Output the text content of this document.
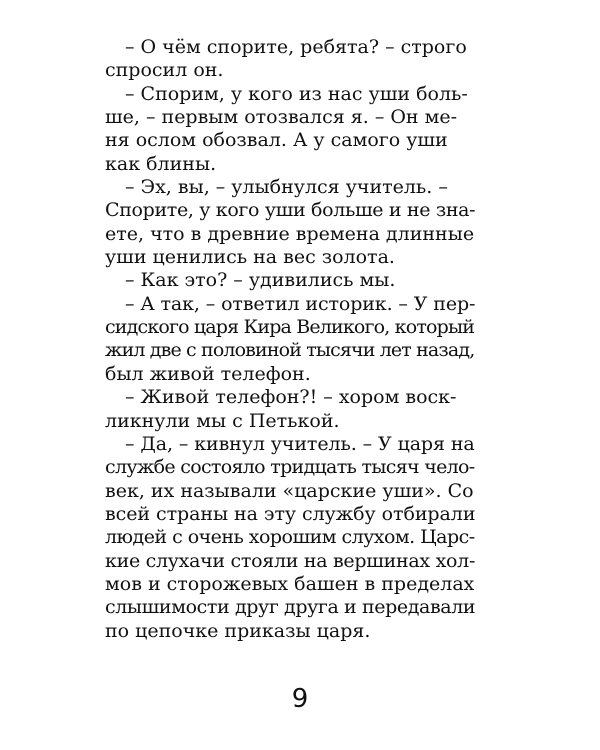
– О чём спорите, ребята? – строго
спросил он.

– Спорим, у кого из нас уши боль-
ше, – первым отозвался я. – Он ме-
ня ослом обозвал. А у самого уши
как блины.

– Эх, вы, – улыбнулся учитель. –
Спорите, у кого уши больше и не зна-
ете, что в древние времена длинные
уши ценились на вес золота.

– Как это? – удивились мы.

– А так, – ответил историк. – У пер-
сидского царя Кира Великого, который
жил две с половиной тысячи лет назад,
был живой телефон.

– Живой телефон?! – хором воск-
ликнули мы с Петькой.

– Да, – кивнул учитель. – У царя на
службе состояло тридцать тысяч чело-
век, их называли «царские уши». Со
всей страны на эту службу отбирали
людей с очень хорошим слухом. Царс-
кие слухачи стояли на вершинах хол-
мов и сторожевых башен в пределах
слышимости друг друга и передавали
по цепочке приказы царя.

9
